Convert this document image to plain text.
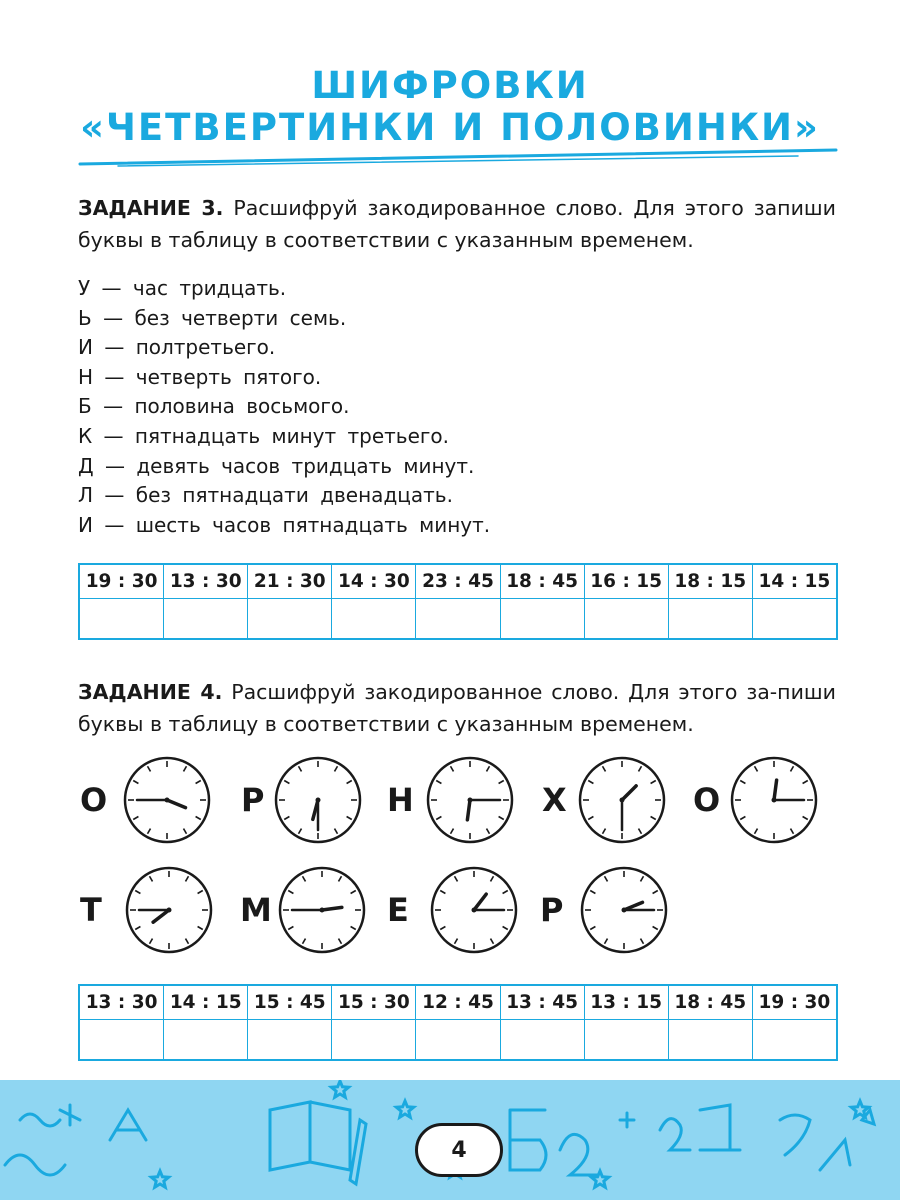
ШИФРОВКИ
«ЧЕТВЕРТИНКИ И ПОЛОВИНКИ»
ЗАДАНИЕ 3. Расшифруй закодированное слово. Для этого запиши буквы в таблицу в соответствии с указанным временем.
У — час тридцать.
Ь — без четверти семь.
И — полтретьего.
Н — четверть пятого.
Б — половина восьмого.
К — пятнадцать минут третьего.
Д — девять часов тридцать минут.
Л — без пятнадцати двенадцать.
И — шесть часов пятнадцать минут.
19 : 30	13 : 30	21 : 30	14 : 30	23 : 45	18 : 45	16 : 15	18 : 15	14 : 15

ЗАДАНИЕ 4. Расшифруй закодированное слово. Для этого за-пиши буквы в таблицу в соответствии с указанным временем.
О	Р	Н	Х	О
Т	М	Е	Р
13 : 30	14 : 15	15 : 45	15 : 30	12 : 45	13 : 45	13 : 15	18 : 45	19 : 30

4
